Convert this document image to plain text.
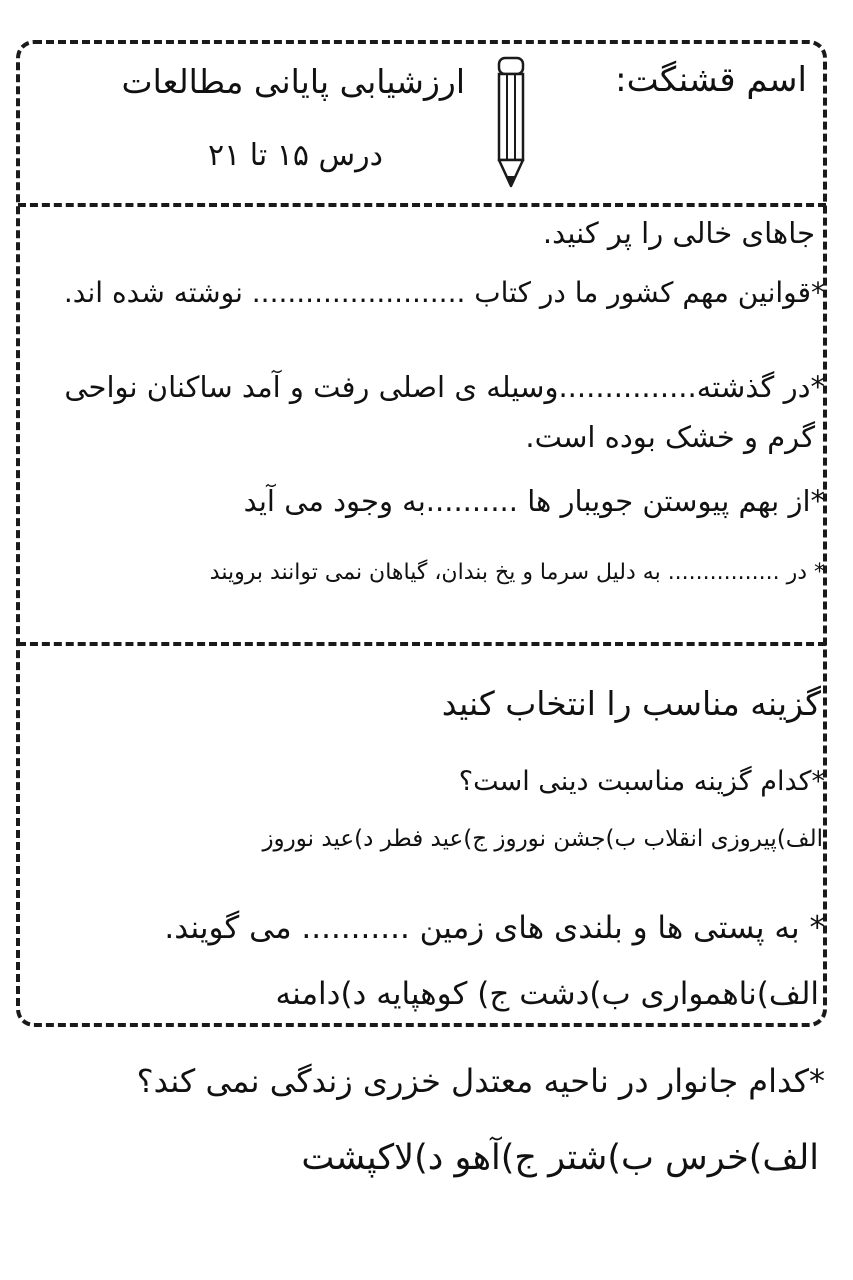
اسم قشنگت:
ارزشیابی پایانی مطالعات
درس ۱۵ تا ۲۱
جاهای خالی را پر کنید.
*قوانین مهم کشور ما در کتاب ........................ نوشته شده اند.
*در گذشته...............وسیله ی اصلی رفت و آمد ساکنان نواحی
گرم و خشک بوده است.
*از بهم پیوستن جویبار ها ..........به وجود می آید
* در ................ به دلیل سرما و یخ بندان، گیاهان نمی توانند برویند
گزینه مناسب را انتخاب کنید
*کدام گزینه مناسبت دینی است؟
الف)پیروزی انقلاب ب)جشن نوروز ج)عید فطر د)عید نوروز
* به پستی ها و بلندی های زمین ........... می گویند.
الف)ناهمواری ب)دشت ج) کوهپایه د)دامنه
*کدام جانوار در ناحیه معتدل خزری زندگی نمی کند؟
الف)خرس ب)شتر ج)آهو د)لاکپشت
